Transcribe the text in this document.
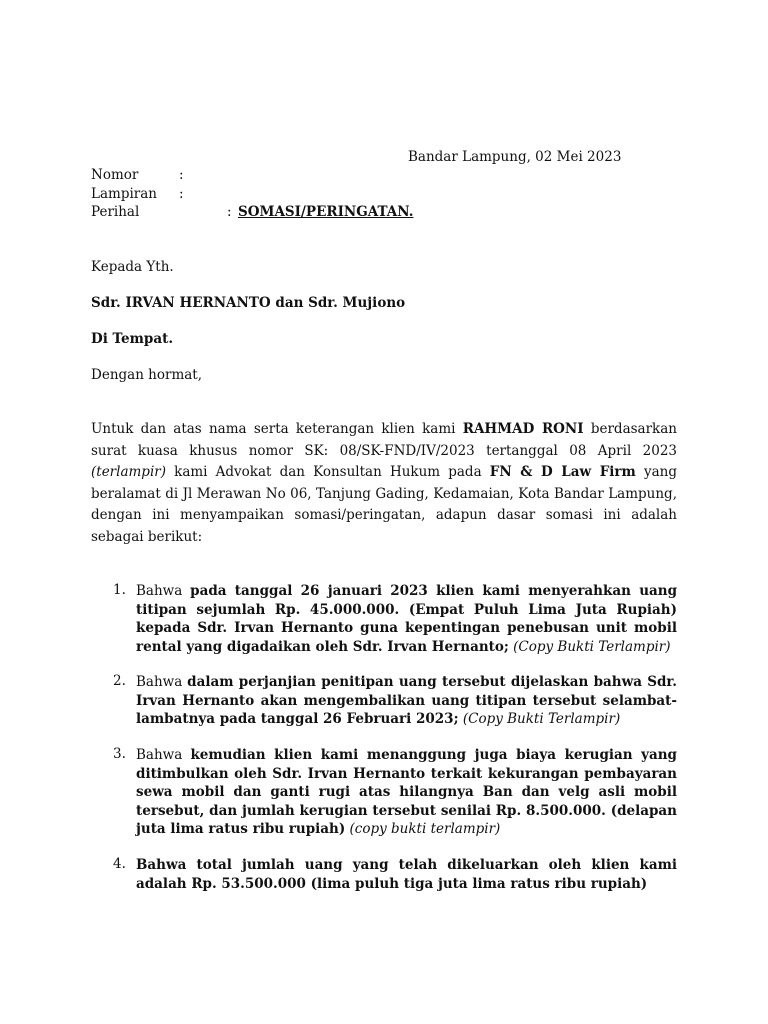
Bandar Lampung, 02 Mei 2023
Nomor	:
Lampiran :
Perihal	: SOMASI/PERINGATAN.
Kepada Yth.
Sdr. IRVAN HERNANTO dan Sdr. Mujiono
Di Tempat.
Dengan hormat,
Untuk dan atas nama serta keterangan klien kami RAHMAD RONI berdasarkan surat kuasa khusus nomor SK: 08/SK-FND/IV/2023 tertanggal 08 April 2023 (terlampir) kami Advokat dan Konsultan Hukum pada FN & D Law Firm yang beralamat di Jl Merawan No 06, Tanjung Gading, Kedamaian, Kota Bandar Lampung, dengan ini menyampaikan somasi/peringatan, adapun dasar somasi ini adalah sebagai berikut:
1. Bahwa pada tanggal 26 januari 2023 klien kami menyerahkan uang titipan sejumlah Rp. 45.000.000. (Empat Puluh Lima Juta Rupiah) kepada Sdr. Irvan Hernanto guna kepentingan penebusan unit mobil rental yang digadaikan oleh Sdr. Irvan Hernanto; (Copy Bukti Terlampir)
2. Bahwa dalam perjanjian penitipan uang tersebut dijelaskan bahwa Sdr. Irvan Hernanto akan mengembalikan uang titipan tersebut selambat-lambatnya pada tanggal 26 Februari 2023; (Copy Bukti Terlampir)
3. Bahwa kemudian klien kami menanggung juga biaya kerugian yang ditimbulkan oleh Sdr. Irvan Hernanto terkait kekurangan pembayaran sewa mobil dan ganti rugi atas hilangnya Ban dan velg asli mobil tersebut, dan jumlah kerugian tersebut senilai Rp. 8.500.000. (delapan juta lima ratus ribu rupiah) (copy bukti terlampir)
4. Bahwa total jumlah uang yang telah dikeluarkan oleh klien kami adalah Rp. 53.500.000 (lima puluh tiga juta lima ratus ribu rupiah)
